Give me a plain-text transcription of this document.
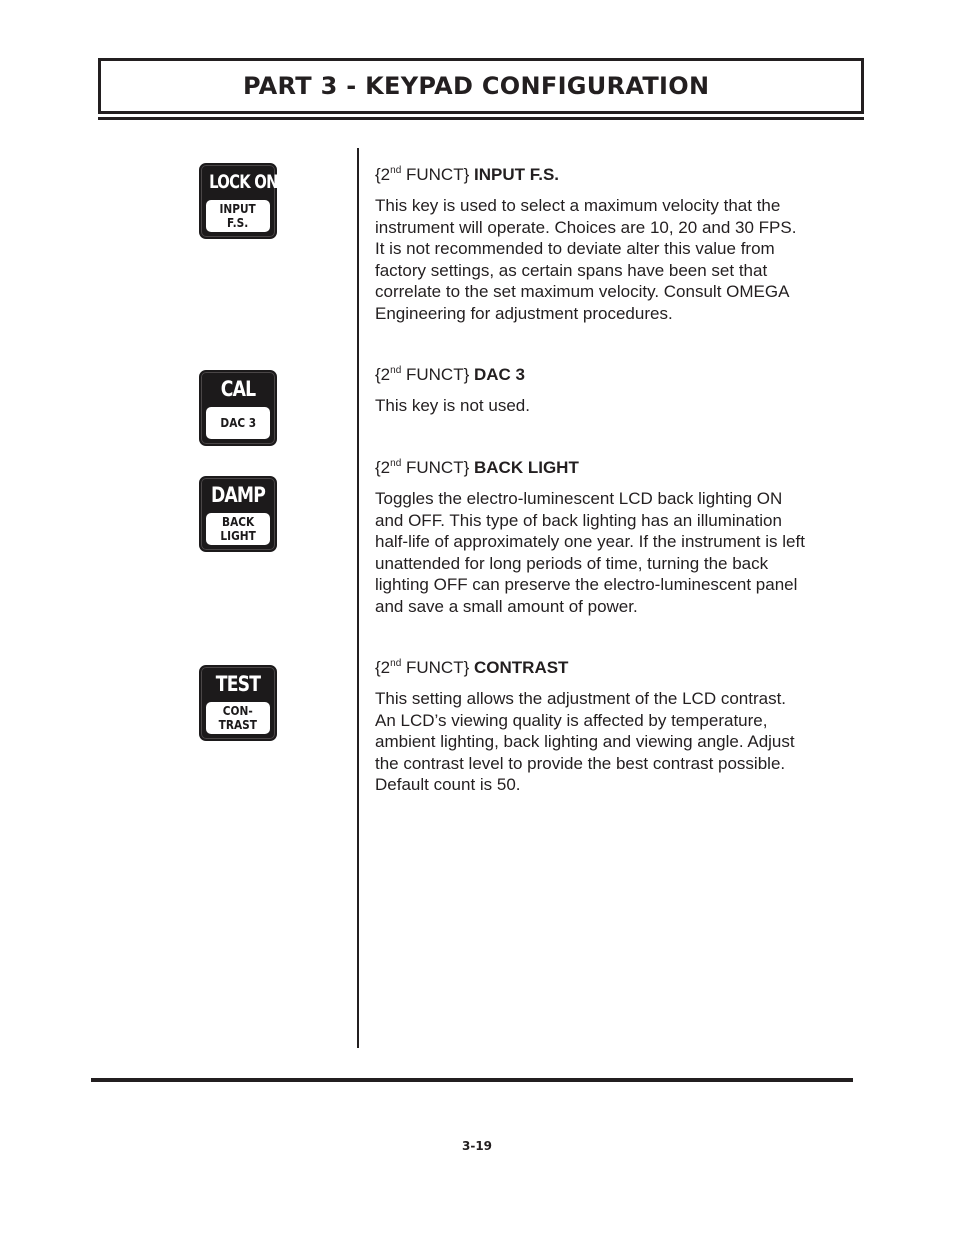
PART 3 - KEYPAD CONFIGURATION
LOCK ON
INPUT
F.S.
CAL
DAC 3
DAMP
BACK
LIGHT
TEST
CON-
TRAST
{2nd FUNCT} INPUT F.S.
This key is used to select a maximum velocity that the
instrument will operate. Choices are 10, 20 and 30 FPS.
It is not recommended to deviate alter this value from
factory settings, as certain spans have been set that
correlate to the set maximum velocity. Consult OMEGA
Engineering for adjustment procedures.
{2nd FUNCT} DAC 3
This key is not used.
{2nd FUNCT} BACK LIGHT
Toggles the electro-luminescent LCD back lighting ON
and OFF. This type of back lighting has an illumination
half-life of approximately one year. If the instrument is left
unattended for long periods of time, turning the back
lighting OFF can preserve the electro-luminescent panel
and save a small amount of power.
{2nd FUNCT} CONTRAST
This setting allows the adjustment of the LCD contrast.
An LCD’s viewing quality is affected by temperature,
ambient lighting, back lighting and viewing angle. Adjust
the contrast level to provide the best contrast possible.
Default count is 50.
3-19
